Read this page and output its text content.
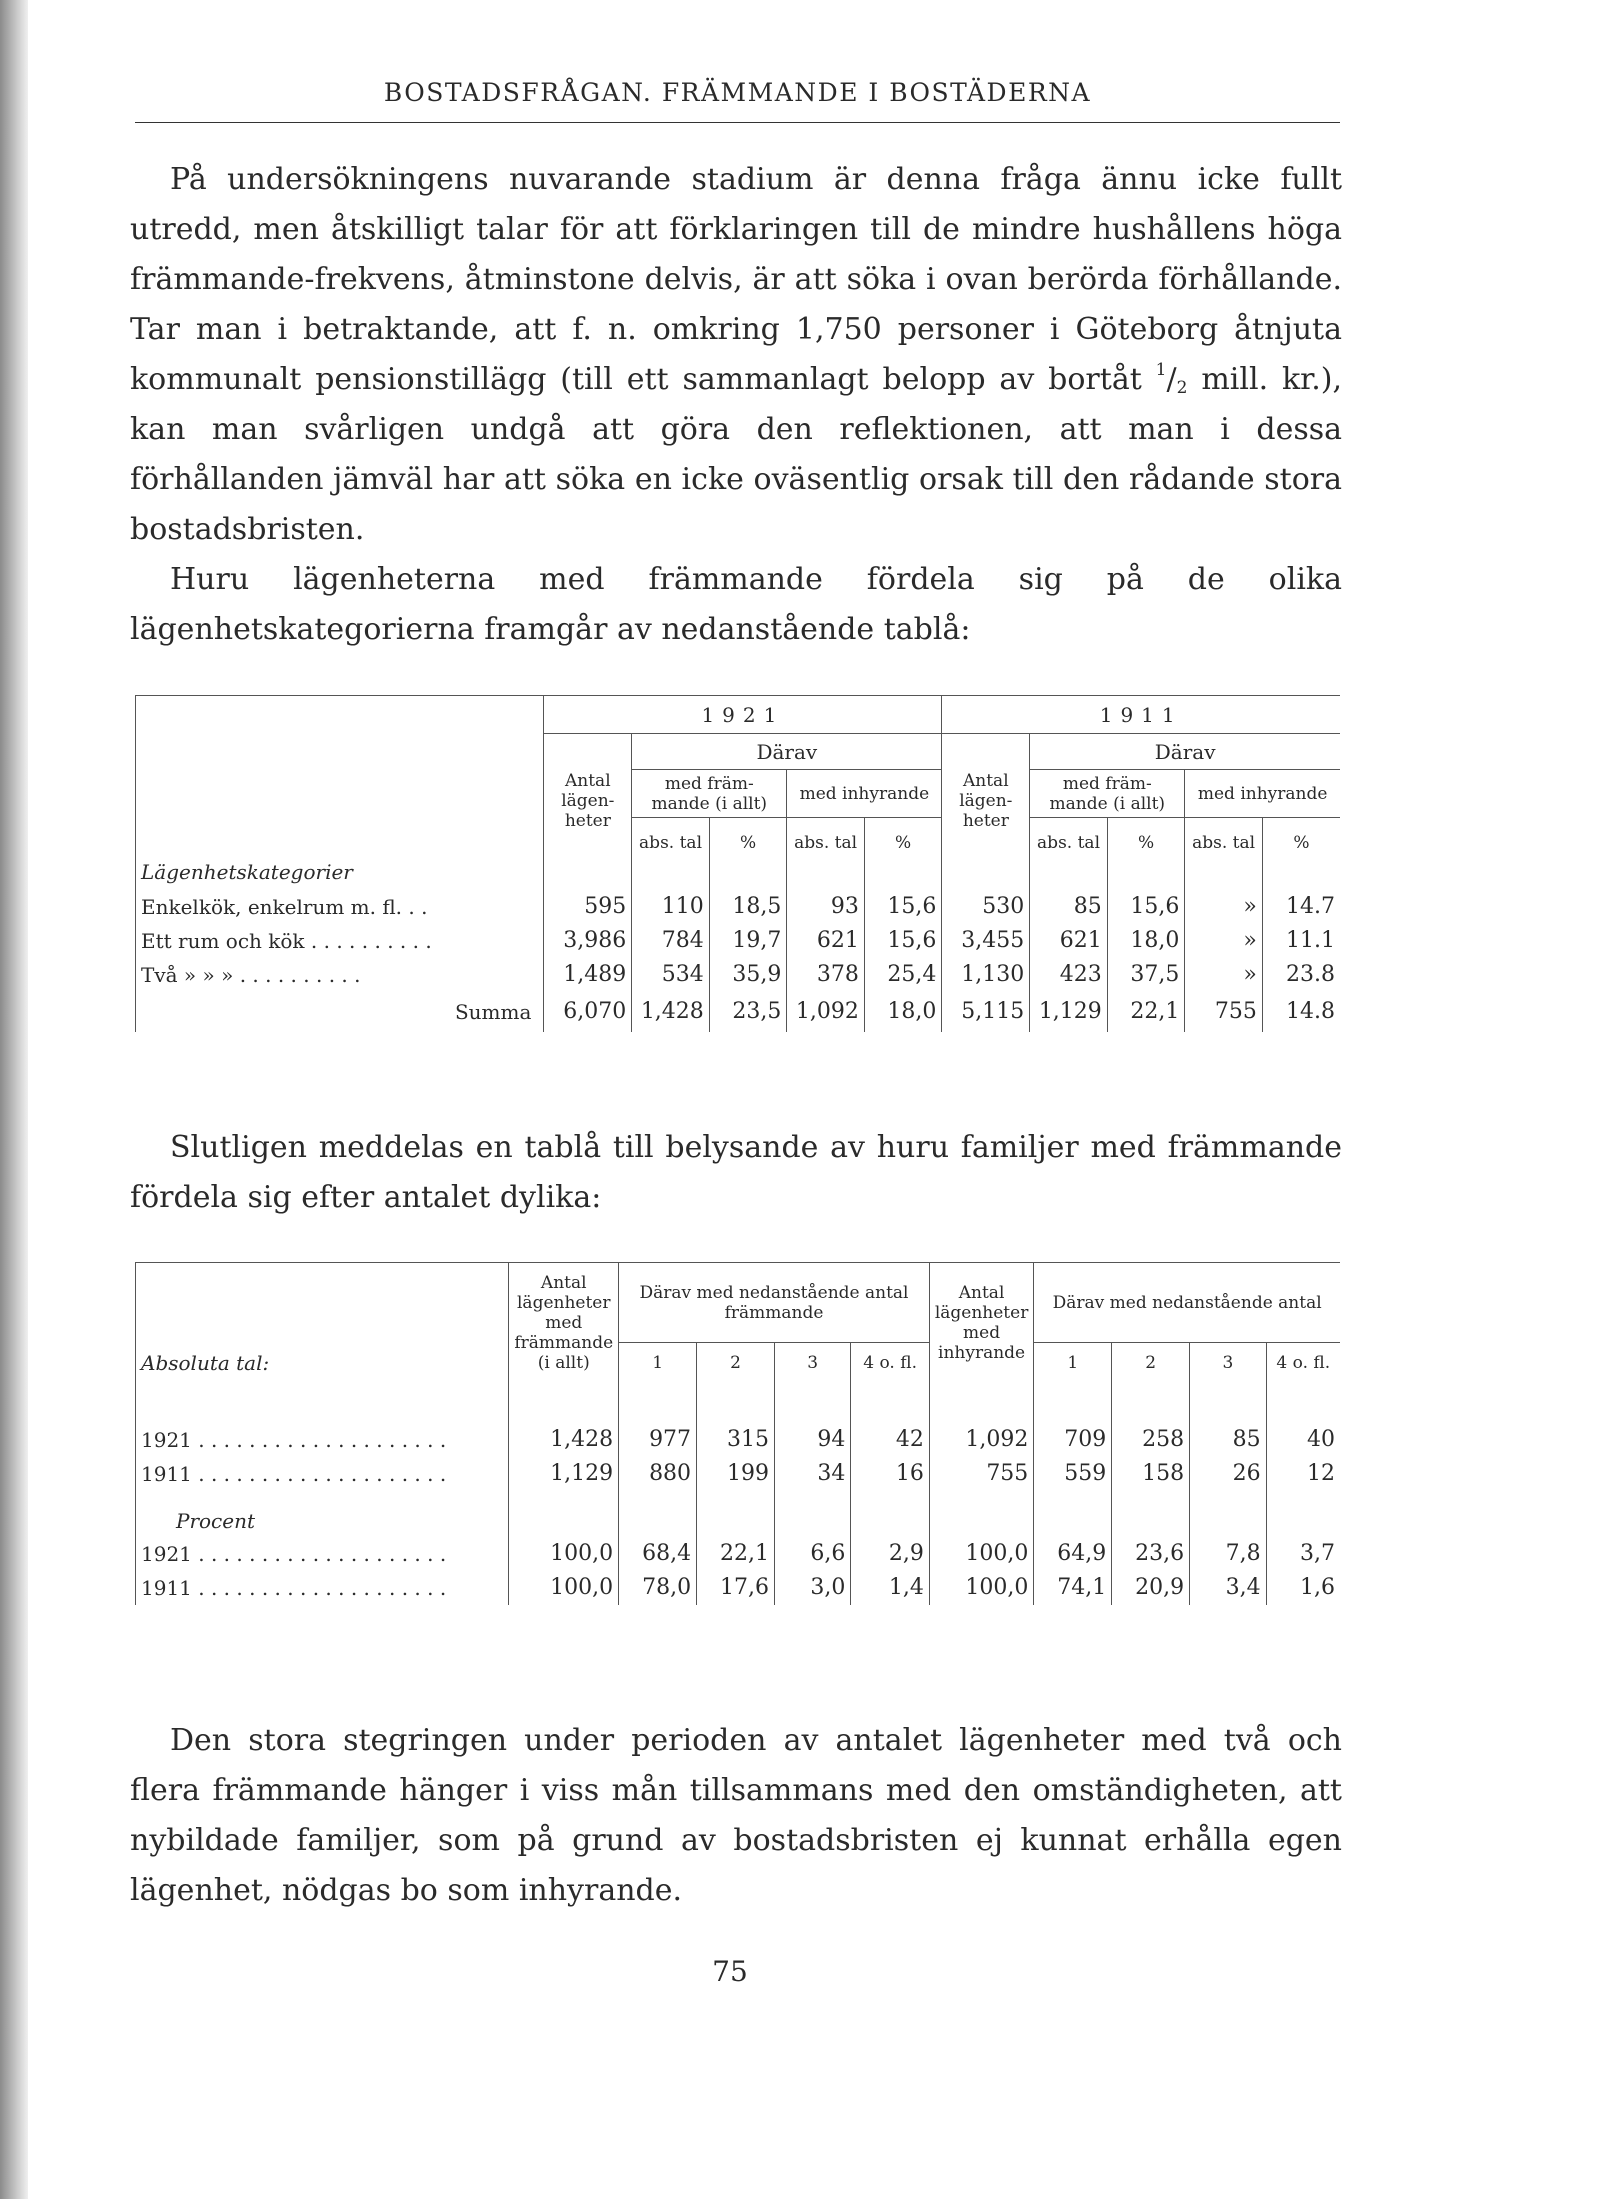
BOSTADSFRÅGAN. FRÄMMANDE I BOSTÄDERNA

På undersökningens nuvarande stadium är denna fråga ännu icke fullt utredd, men åtskilligt talar för att förklaringen till de mindre hushållens höga främmande-frekvens, åtminstone delvis, är att söka i ovan berörda förhållande. Tar man i betraktande, att f. n. omkring 1,750 personer i Göteborg åtnjuta kommunalt pensionstillägg (till ett sammanlagt belopp av bortåt $^1/_2$ mill. kr.), kan man svårligen undgå att göra den reflektionen, att man i dessa förhållanden jämväl har att söka en icke oväsentlig orsak till den rådande stora bostadsbristen.

Huru lägenheterna med främmande fördela sig på de olika lägenhetskategorierna framgår av nedanstående tablå:

Lägenhetskategorier	1921					1911				
	Antal lägen-heter	Därav				Antal lägen-heter	Därav			
		med främ-mande (i allt)		med inhyrande			med främ-mande (i allt)		med inhyrande	
		abs. tal	%	abs. tal	%		abs. tal	%	abs. tal	%

Enkelkök, enkelrum m. fl. . .	595	110	18,5	93	15,6	530	85	15,6	»	14.7
Ett rum och kök . . . . . . . . . .	3,986	784	19,7	621	15,6	3,455	621	18,0	»	11.1
Två » » » . . . . . . . . . .	1,489	534	35,9	378	25,4	1,130	423	37,5	»	23.8
Summa	6,070	1,428	23,5	1,092	18,0	5,115	1,129	22,1	755	14.8

Slutligen meddelas en tablå till belysande av huru familjer med främmande fördela sig efter antalet dylika:

Absoluta tal:	Antal lägenheter med främmande (i allt)	Därav med nedanstående antal främmande				Antal lägenheter med inhyrande	Därav med nedanstående antal			
		1	2	3	4 o. fl.		1	2	3	4 o. fl.

1921 . . . . . . . . . . . . . . . . . . . .	1,428	977	315	94	42	1,092	709	258	85	40
1911 . . . . . . . . . . . . . . . . . . . .	1,129	880	199	34	16	755	559	158	26	12
Procent										
1921 . . . . . . . . . . . . . . . . . . . .	100,0	68,4	22,1	6,6	2,9	100,0	64,9	23,6	7,8	3,7
1911 . . . . . . . . . . . . . . . . . . . .	100,0	78,0	17,6	3,0	1,4	100,0	74,1	20,9	3,4	1,6

Den stora stegringen under perioden av antalet lägenheter med två och flera främmande hänger i viss mån tillsammans med den omständigheten, att nybildade familjer, som på grund av bostadsbristen ej kunnat erhålla egen lägenhet, nödgas bo som inhyrande.

75
